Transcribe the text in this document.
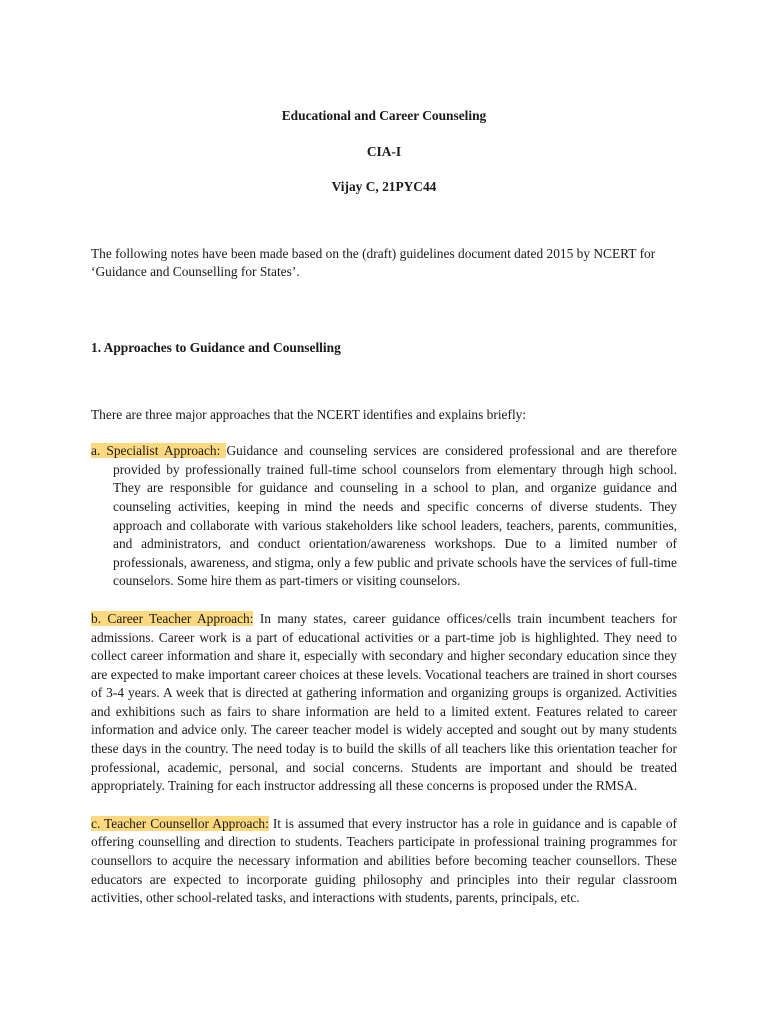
Educational and Career Counseling

CIA-I

Vijay C, 21PYC44

The following notes have been made based on the (draft) guidelines document dated 2015 by NCERT for ‘Guidance and Counselling for States’.

1. Approaches to Guidance and Counselling

There are three major approaches that the NCERT identifies and explains briefly:

a. Specialist Approach: Guidance and counseling services are considered professional and are therefore provided by professionally trained full-time school counselors from elementary through high school. They are responsible for guidance and counseling in a school to plan, and organize guidance and counseling activities, keeping in mind the needs and specific concerns of diverse students. They approach and collaborate with various stakeholders like school leaders, teachers, parents, communities, and administrators, and conduct orientation/awareness workshops. Due to a limited number of professionals, awareness, and stigma, only a few public and private schools have the services of full-time counselors. Some hire them as part-timers or visiting counselors.

b. Career Teacher Approach: In many states, career guidance offices/cells train incumbent teachers for admissions. Career work is a part of educational activities or a part-time job is highlighted. They need to collect career information and share it, especially with secondary and higher secondary education since they are expected to make important career choices at these levels. Vocational teachers are trained in short courses of 3-4 years. A week that is directed at gathering information and organizing groups is organized. Activities and exhibitions such as fairs to share information are held to a limited extent. Features related to career information and advice only. The career teacher model is widely accepted and sought out by many students these days in the country. The need today is to build the skills of all teachers like this orientation teacher for professional, academic, personal, and social concerns. Students are important and should be treated appropriately. Training for each instructor addressing all these concerns is proposed under the RMSA.

c. Teacher Counsellor Approach: It is assumed that every instructor has a role in guidance and is capable of offering counselling and direction to students. Teachers participate in professional training programmes for counsellors to acquire the necessary information and abilities before becoming teacher counsellors. These educators are expected to incorporate guiding philosophy and principles into their regular classroom activities, other school-related tasks, and interactions with students, parents, principals, etc.
